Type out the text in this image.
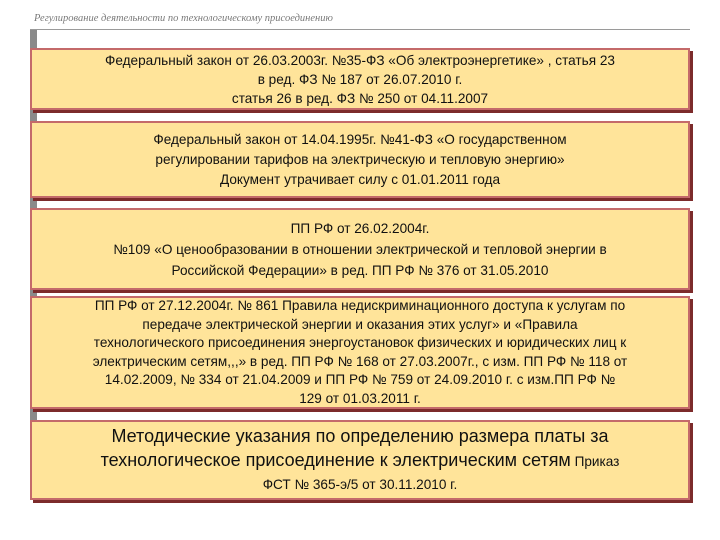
Регулирование деятельности по технологическому присоединению
Федеральный закон от 26.03.2003г. №35-ФЗ «Об электроэнергетике» , статья 23
в ред. ФЗ № 187 от 26.07.2010 г.
статья 26 в ред. ФЗ № 250 от 04.11.2007
Федеральный закон от 14.04.1995г. №41-ФЗ «О государственном
регулировании тарифов на электрическую и тепловую энергию»
Документ утрачивает силу с 01.01.2011 года
ПП РФ от 26.02.2004г.
№109 «О ценообразовании в отношении электрической и тепловой энергии в
Российской Федерации» в ред. ПП РФ № 376 от 31.05.2010
ПП РФ от 27.12.2004г. № 861 Правила недискриминационного доступа к услугам по
передаче электрической энергии и оказания этих услуг» и «Правила
технологического присоединения энергоустановок физических и юридических лиц к
электрическим сетям,,,» в ред. ПП РФ № 168 от 27.03.2007г., с изм. ПП РФ № 118 от
14.02.2009, № 334 от 21.04.2009 и ПП РФ № 759 от 24.09.2010 г. с изм.ПП РФ №
129 от 01.03.2011 г.
Методические указания по определению размера платы за
технологическое присоединение к электрическим сетям Приказ
ФСТ № 365-э/5 от 30.11.2010 г.
